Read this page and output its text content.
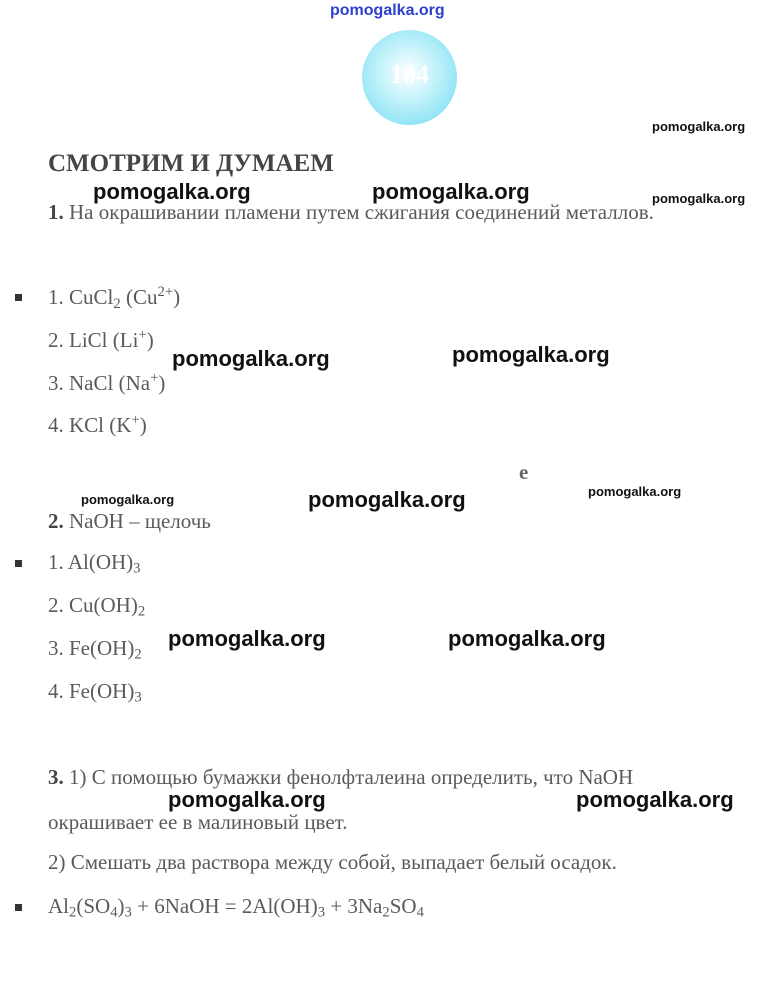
pomogalka.org
104
pomogalka.org
СМОТРИМ И ДУМАЕМ
pomogalka.org	pomogalka.org	pomogalka.org
1. На окрашивании пламени путем сжигания соединений металлов.
1. CuCl$_2$ $(Cu^{2+})$
2. LiCl (Li+)
3. NaCl (Na+)
4. KCl (K+)
pomogalka.org	pomogalka.org
e
pomogalka.org	pomogalka.org	pomogalka.org
2. NaOH – щелочь
1. $Al(OH)_3$
2. $Cu(OH)_2$
3. $Fe(OH)_2$
4. $Fe(OH)_3$
pomogalka.org	pomogalka.org
3. 1) С помощью бумажки фенолфталеина определить, что NaOH
окрашивает ее в малиновый цвет.
2) Смешать два раствора между собой, выпадает белый осадок.
pomogalka.org	pomogalka.org
$Al_2(SO_4)_3$ + 6NaOH = $2Al(OH)_3 + 3Na_2SO_4$
